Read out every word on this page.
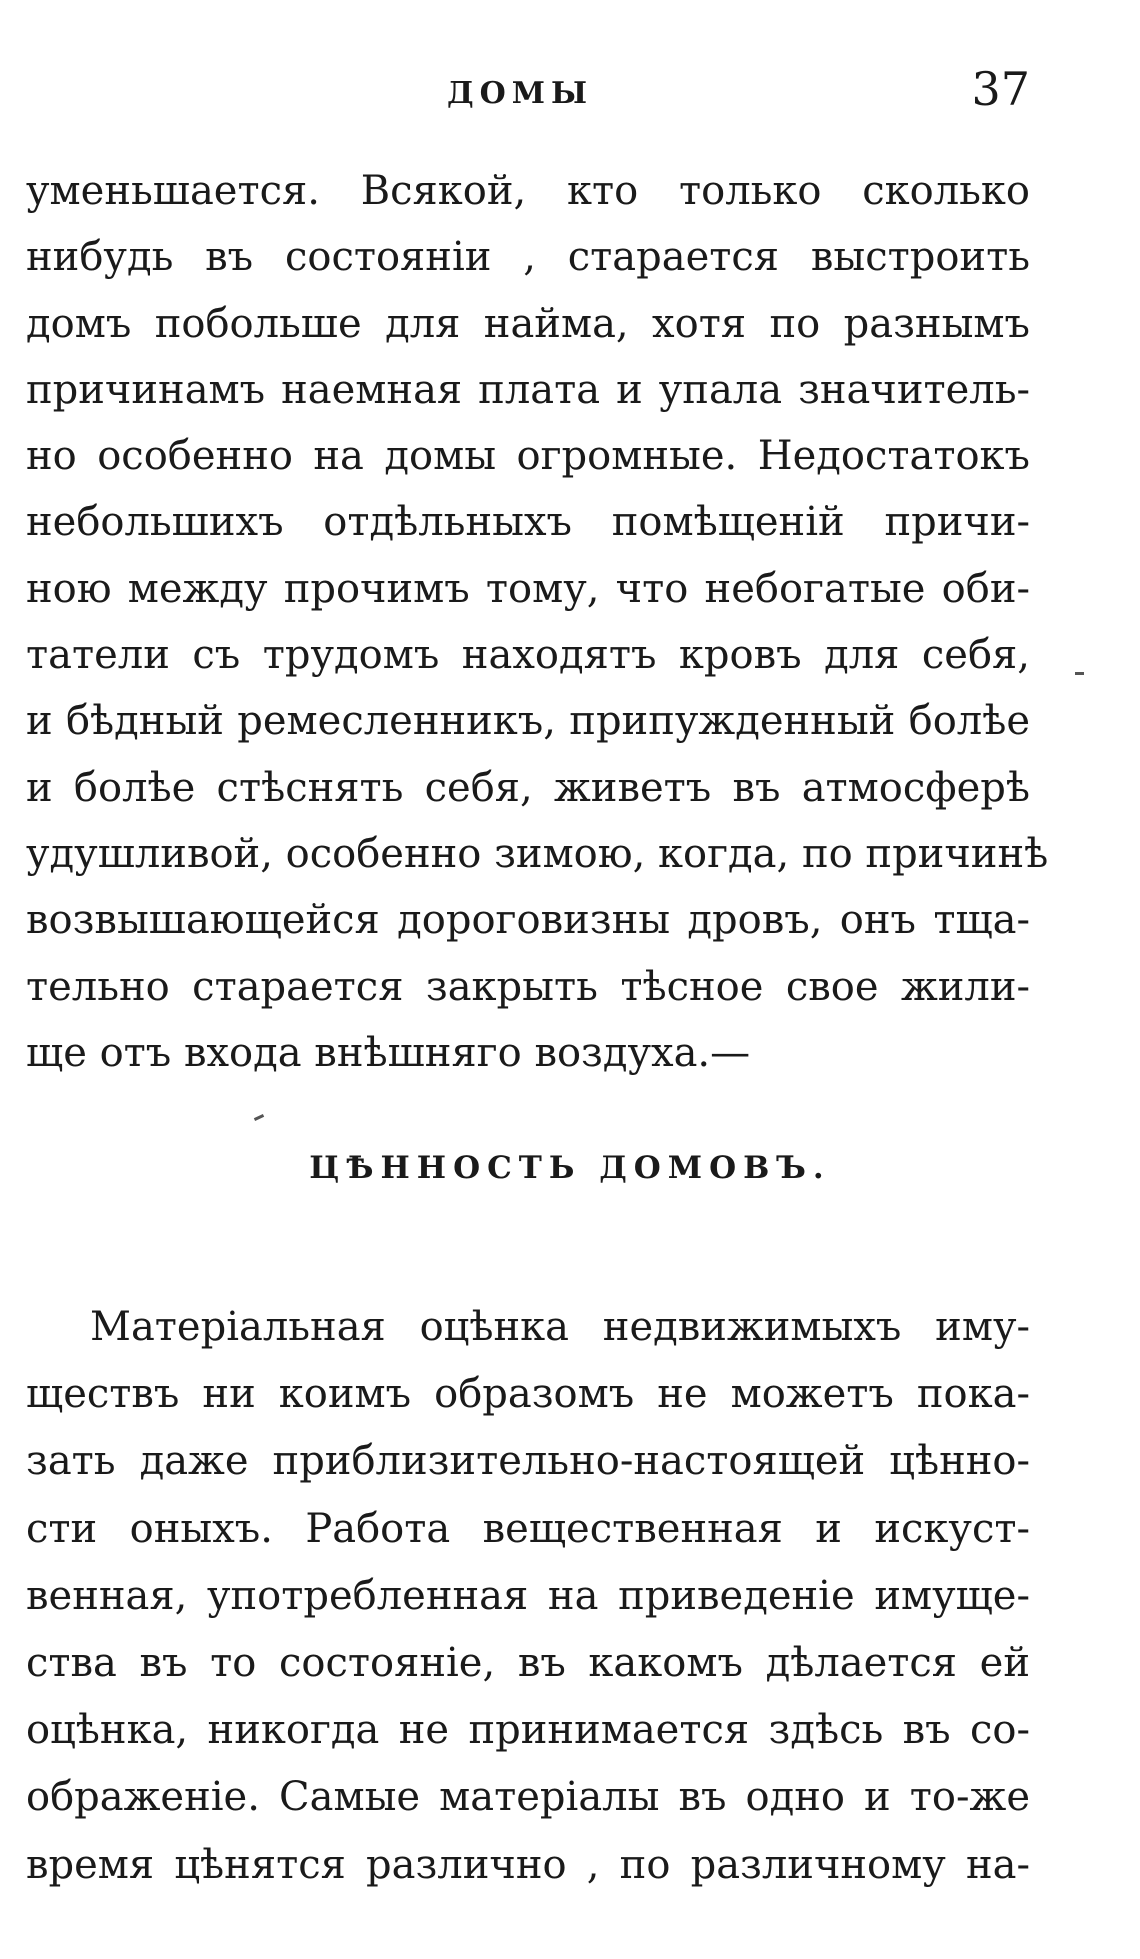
ДОМЫ	37
уменьшается. Всякой, кто только сколько
нибудь въ состояніи , старается выстроить
домъ побольше для найма, хотя по разнымъ
причинамъ наемная плата и упала значитель-
но особенно на домы огромные. Недостатокъ
небольшихъ отдѣльныхъ помѣщеній причи-
ною между прочимъ тому, что небогатые оби-
татели съ трудомъ находятъ кровъ для себя,
и бѣдный ремесленникъ, припужденный болѣе
и болѣе стѣснять себя, живетъ въ атмосферѣ
удушливой, особенно зимою, когда, по причинѣ
возвышающейся дороговизны дровъ, онъ тща-
тельно старается закрыть тѣсное свое жили-
ще отъ входа внѣшняго воздуха.—
ЦѢННОСТЬ ДОМОВЪ.
Матеріальная оцѣнка недвижимыхъ иму-
ществъ ни коимъ образомъ не можетъ пока-
зать даже приблизительно-настоящей цѣнно-
сти оныхъ. Работа вещественная и искуст-
венная, употребленная на приведеніе имуще-
ства въ то состояніе, въ какомъ дѣлается ей
оцѣнка, никогда не принимается здѣсь въ со-
ображеніе. Самые матеріалы въ одно и то-же
время цѣнятся различно , по различному на-
